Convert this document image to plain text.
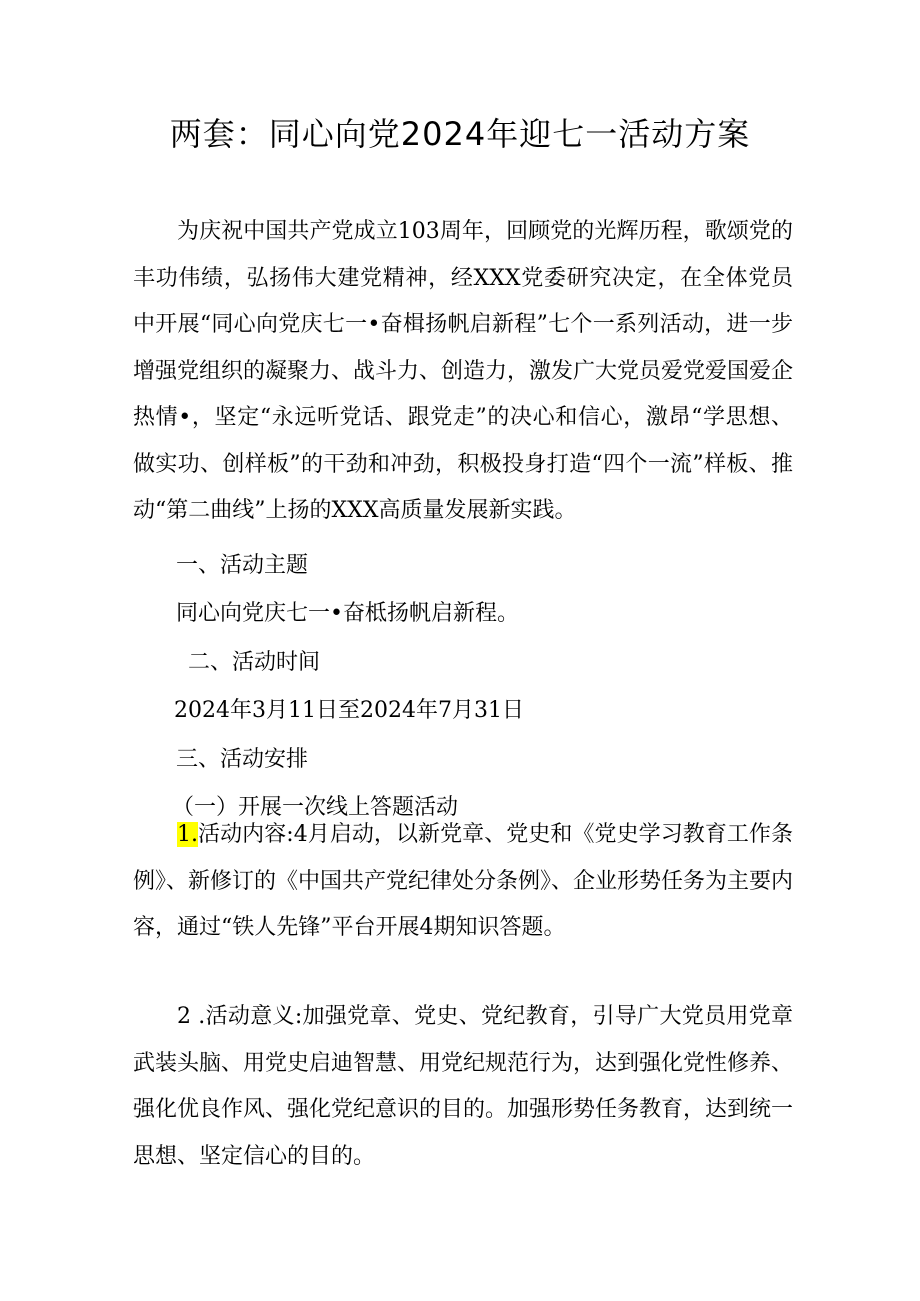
两套：同心向党2024年迎七一活动方案
为庆祝中国共产党成立103周年，回顾党的光辉历程，歌颂党的丰功伟绩，弘扬伟大建党精神，经XXX党委研究决定，在全体党员中开展“同心向党庆七一•奋楫扬帆启新程”七个一系列活动，进一步增强党组织的凝聚力、战斗力、创造力，激发广大党员爱党爱国爱企热情•，坚定“永远听党话、跟党走”的决心和信心，激昂“学思想、做实功、创样板”的干劲和冲劲，积极投身打造“四个一流”样板、推动“第二曲线”上扬的XXX高质量发展新实践。
一、活动主题
同心向党庆七一•奋柢扬帆启新程。
二、活动时间
2024年3月11日至2024年7月31日
三、活动安排
（一）开展一次线上答题活动
1.活动内容:4月启动，以新党章、党史和《党史学习教育工作条例》、新修订的《中国共产党纪律处分条例》、企业形势任务为主要内容，通过“铁人先锋”平台开展4期知识答题。
2 .活动意义:加强党章、党史、党纪教育，引导广大党员用党章武装头脑、用党史启迪智慧、用党纪规范行为，达到强化党性修养、强化优良作风、强化党纪意识的目的。加强形势任务教育，达到统一思想、坚定信心的目的。
